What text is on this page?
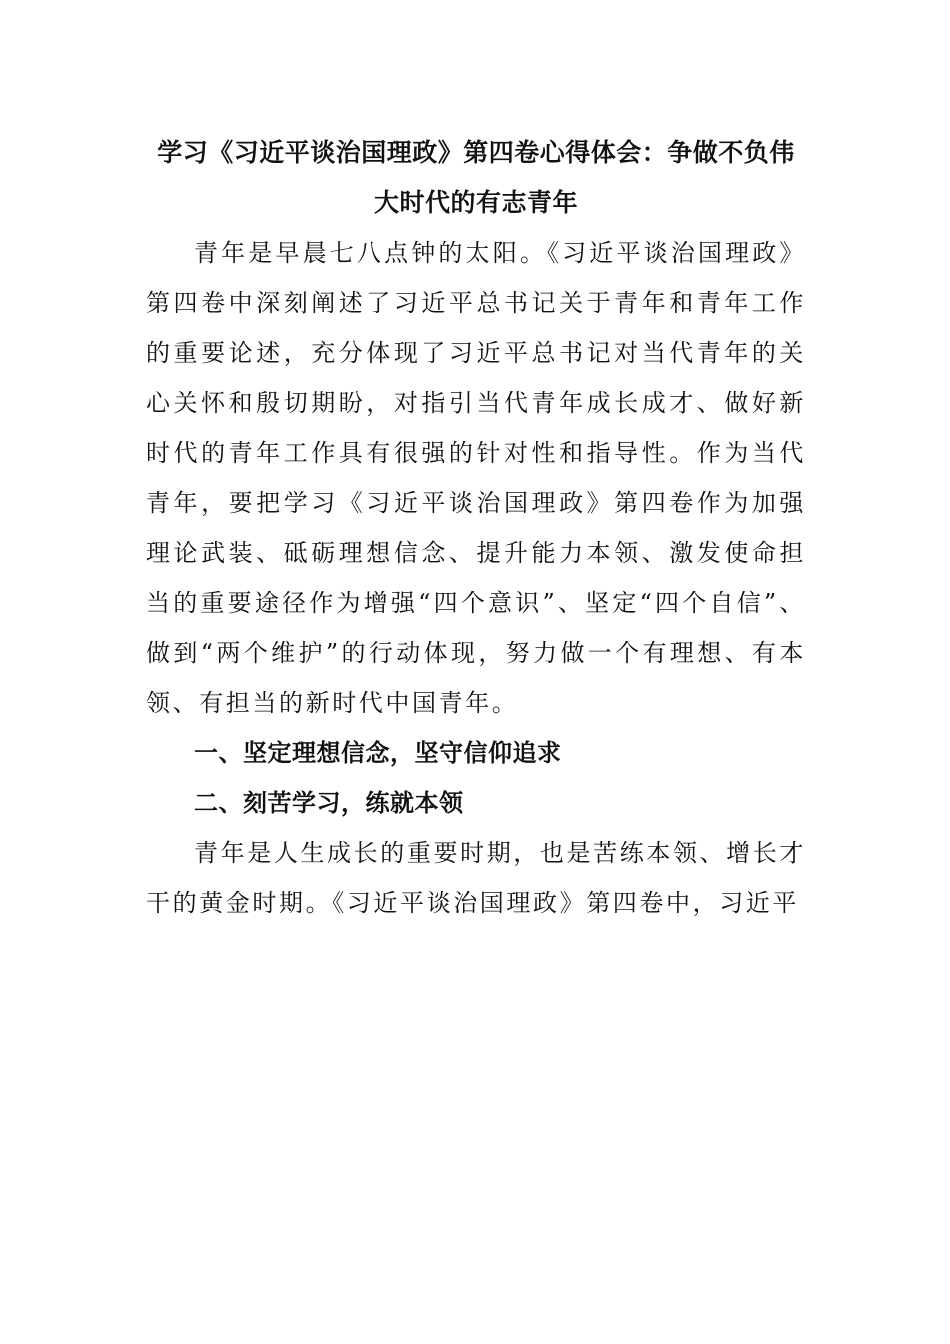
学习《习近平谈治国理政》第四卷心得体会：争做不负伟

大时代的有志青年

青年是早晨七八点钟的太阳。《习近平谈治国理政》第四卷中深刻阐述了习近平总书记关于青年和青年工作的重要论述，充分体现了习近平总书记对当代青年的关心关怀和殷切期盼，对指引当代青年成长成才、做好新时代的青年工作具有很强的针对性和指导性。作为当代青年，要把学习《习近平谈治国理政》第四卷作为加强理论武装、砥砺理想信念、提升能力本领、激发使命担当的重要途径作为增强“四个意识”、坚定“四个自信”、做到“两个维护”的行动体现，努力做一个有理想、有本领、有担当的新时代中国青年。

一、坚定理想信念，坚守信仰追求

二、刻苦学习，练就本领

青年是人生成长的重要时期，也是苦练本领、增长才干的黄金时期。《习近平谈治国理政》第四卷中，习近平
